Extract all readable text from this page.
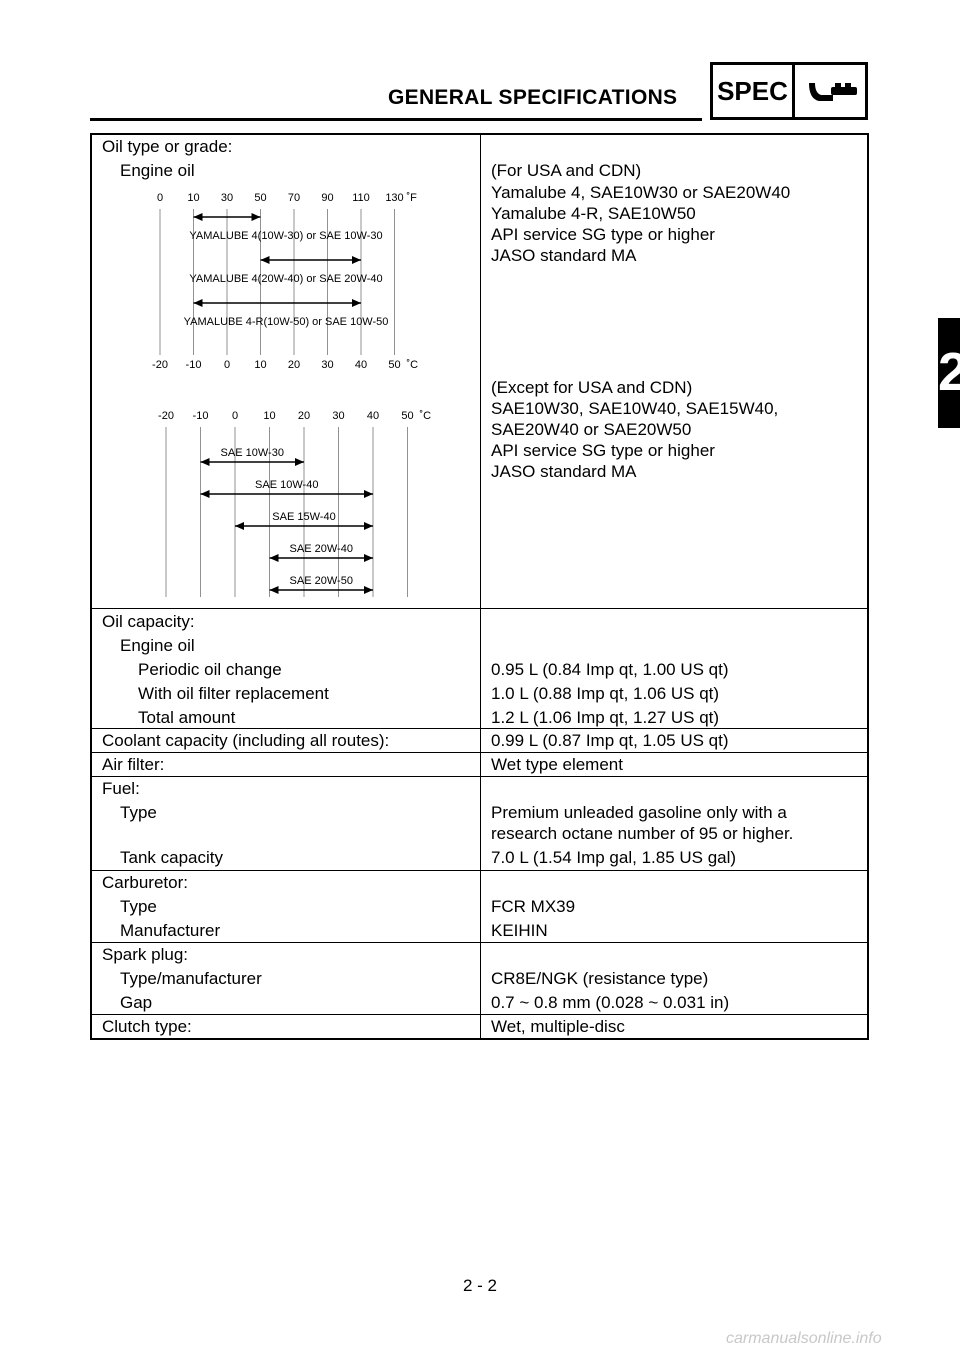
GENERAL SPECIFICATIONS SPEC
2
Oil type or grade:
Engine oil	(For USA and CDN)
Yamalube 4, SAE10W30 or SAE20W40
Yamalube 4-R, SAE10W50
API service SG type or higher
JASO standard MA
(Except for USA and CDN)
SAE10W30, SAE10W40, SAE15W40,
SAE20W40 or SAE20W50
API service SG type or higher
JASO standard MA
0 10 30 50 70 90 110 130 ˚F
-20 -10 0 10 20 30 40 50 ˚C
YAMALUBE 4(10W-30) or SAE 10W-30
YAMALUBE 4(20W-40) or SAE 20W-40
YAMALUBE 4-R(10W-50) or SAE 10W-50
-20 -10 0 10 20 30 40 50 ˚C
SAE 10W-30
SAE 10W-40
SAE 15W-40
SAE 20W-40
SAE 20W-50
Oil capacity:
Engine oil
Periodic oil change	0.95 L (0.84 Imp qt, 1.00 US qt)
With oil filter replacement	1.0 L (0.88 Imp qt, 1.06 US qt)
Total amount	1.2 L (1.06 Imp qt, 1.27 US qt)
Coolant capacity (including all routes):	0.99 L (0.87 Imp qt, 1.05 US qt)
Air filter:	Wet type element
Fuel:
Type	Premium unleaded gasoline only with a
research octane number of 95 or higher.
Tank capacity	7.0 L (1.54 Imp gal, 1.85 US gal)
Carburetor:
Type	FCR MX39
Manufacturer	KEIHIN
Spark plug:
Type/manufacturer	CR8E/NGK (resistance type)
Gap	0.7 ~ 0.8 mm (0.028 ~ 0.031 in)
Clutch type:	Wet, multiple-disc
2 - 2
carmanualsonline.info
